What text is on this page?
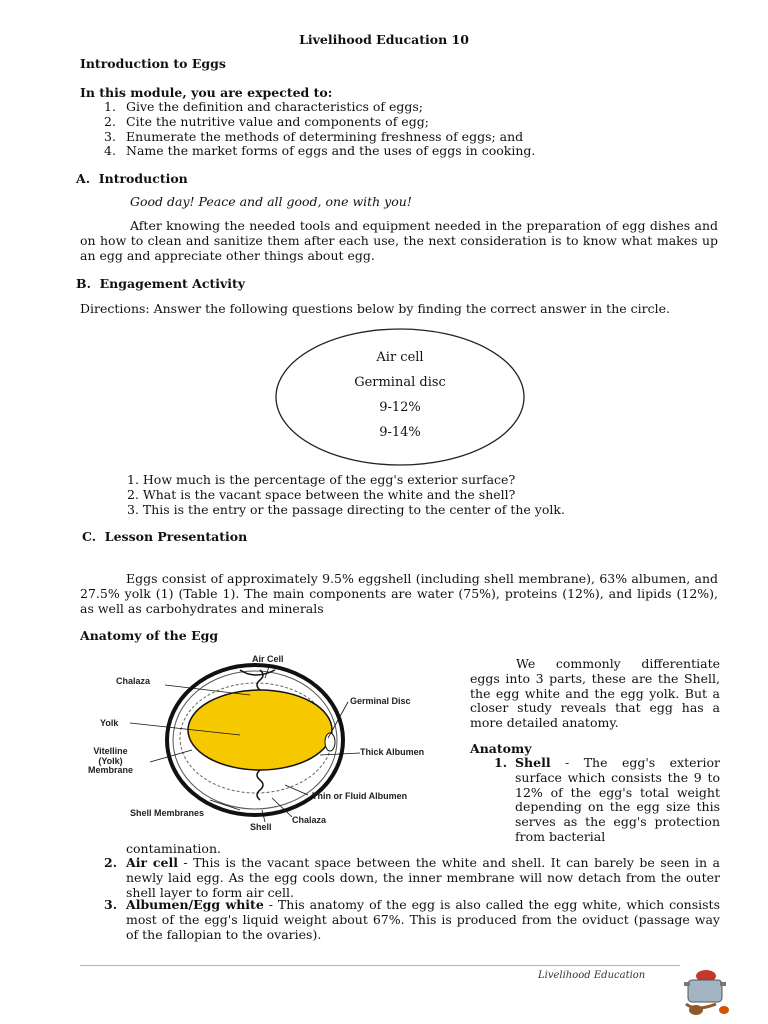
Livelihood Education 10
Introduction to Eggs
In this module, you are expected to:
1. Give the definition and characteristics of eggs;
2. Cite the nutritive value and components of egg;
3. Enumerate the methods of determining freshness of eggs; and
4. Name the market forms of eggs and the uses of eggs in cooking.
A.  Introduction
Good day! Peace and all good, one with you!
After knowing the needed tools and equipment needed in the preparation of egg dishes and on how to clean and sanitize them after each use, the next consideration is to know what makes up an egg and appreciate other things about egg.
B.  Engagement Activity
Directions: Answer the following questions below by finding the correct answer in the circle.
Air cell
Germinal disc
9-12%
9-14%
1. How much is the percentage of the egg's exterior surface?
2. What is the vacant space between the white and the shell?
3. This is the entry or the passage directing to the center of the yolk.
C.  Lesson Presentation
Eggs consist of approximately 9.5% eggshell (including shell membrane), 63% albumen, and 27.5% yolk (1) (Table 1). The main components are water (75%), proteins (12%), and lipids (12%), as well as carbohydrates and minerals
Anatomy of the Egg
Air Cell
Chalaza
Germinal Disc
Yolk
Vitelline
(Yolk)
Membrane
Thick Albumen
Thin or Fluid Albumen
Shell Membranes
Shell
Chalaza
We commonly differentiate eggs into 3 parts, these are the Shell, the egg white and the egg yolk. But a closer study reveals that egg has a more detailed anatomy.
Anatomy
1. Shell - The egg's exterior surface which consists the 9 to 12% of the egg's total weight depending on the egg size this serves as the egg's protection from bacterial
contamination.
2. Air cell - This is the vacant space between the white and shell. It can barely be seen in a newly laid egg. As the egg cools down, the inner membrane will now detach from the outer shell layer to form air cell.
3. Albumen/Egg white - This anatomy of the egg is also called the egg white, which consists most of the egg's liquid weight about 67%. This is produced from the oviduct (passage way of the fallopian to the ovaries).
Livelihood Education
